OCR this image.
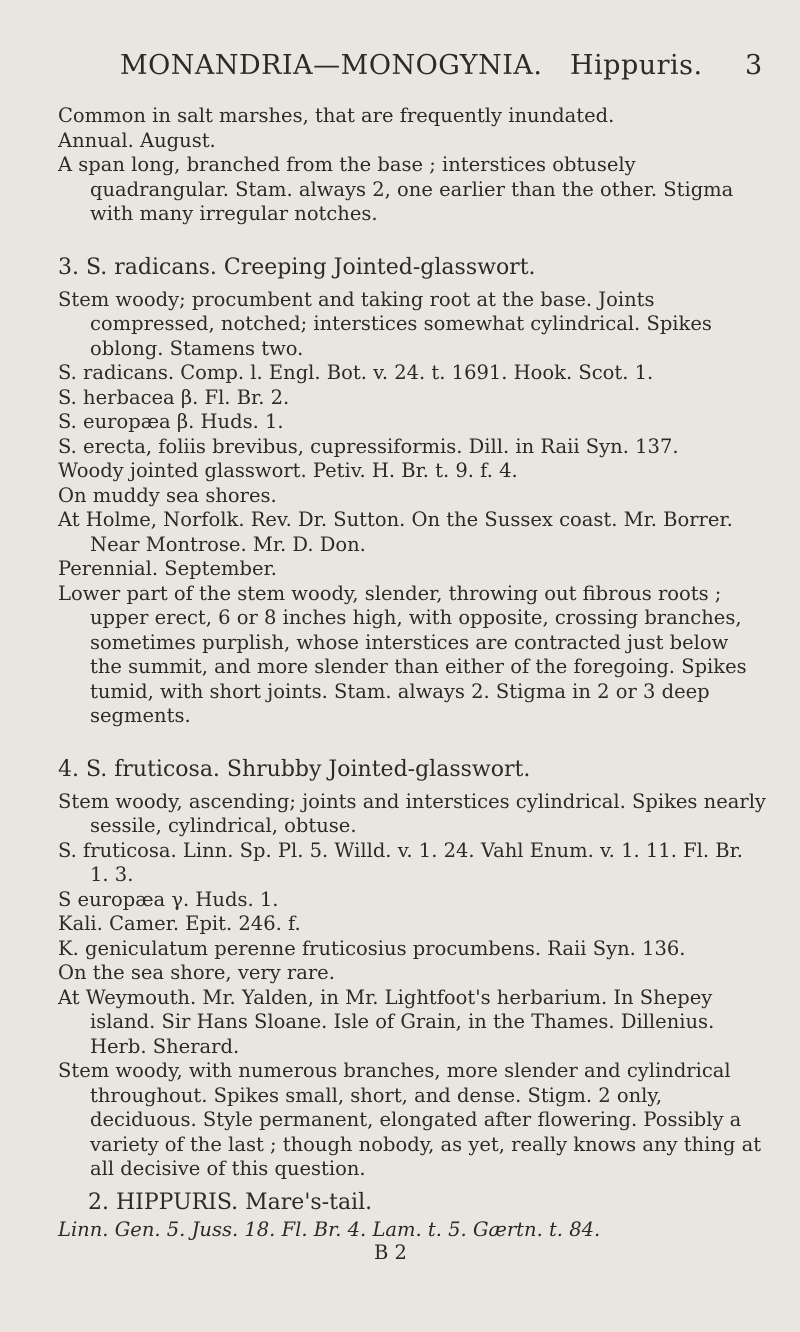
MONANDRIA—MONOGYNIA. Hippuris. 3

Common in salt marshes, that are frequently inundated.

Annual. August.

A span long, branched from the base ; interstices obtusely quadrangular. Stam. always 2, one earlier than the other. Stigma with many irregular notches.

3. S. radicans. Creeping Jointed-glasswort.

Stem woody; procumbent and taking root at the base. Joints compressed, notched; interstices somewhat cylindrical. Spikes oblong. Stamens two.

S. radicans. Comp. l. Engl. Bot. v. 24. t. 1691. Hook. Scot. 1.

S. herbacea β. Fl. Br. 2.

S. europæa β. Huds. 1.

S. erecta, foliis brevibus, cupressiformis. Dill. in Raii Syn. 137.

Woody jointed glasswort. Petiv. H. Br. t. 9. f. 4.

On muddy sea shores.

At Holme, Norfolk. Rev. Dr. Sutton. On the Sussex coast. Mr. Borrer. Near Montrose. Mr. D. Don.

Perennial. September.

Lower part of the stem woody, slender, throwing out fibrous roots ; upper erect, 6 or 8 inches high, with opposite, crossing branches, sometimes purplish, whose interstices are contracted just below the summit, and more slender than either of the foregoing. Spikes tumid, with short joints. Stam. always 2. Stigma in 2 or 3 deep segments.

4. S. fruticosa. Shrubby Jointed-glasswort.

Stem woody, ascending; joints and interstices cylindrical. Spikes nearly sessile, cylindrical, obtuse.

S. fruticosa. Linn. Sp. Pl. 5. Willd. v. 1. 24. Vahl Enum. v. 1. 11. Fl. Br. 1. 3.

S europæa γ. Huds. 1.

Kali. Camer. Epit. 246. f.

K. geniculatum perenne fruticosius procumbens. Raii Syn. 136.

On the sea shore, very rare.

At Weymouth. Mr. Yalden, in Mr. Lightfoot's herbarium. In Shepey island. Sir Hans Sloane. Isle of Grain, in the Thames. Dillenius. Herb. Sherard.

Stem woody, with numerous branches, more slender and cylindrical throughout. Spikes small, short, and dense. Stigm. 2 only, deciduous. Style permanent, elongated after flowering. Possibly a variety of the last ; though nobody, as yet, really knows any thing at all decisive of this question.

2. HIPPURIS. Mare's-tail.

Linn. Gen. 5. Juss. 18. Fl. Br. 4. Lam. t. 5. Gærtn. t. 84.

B 2
